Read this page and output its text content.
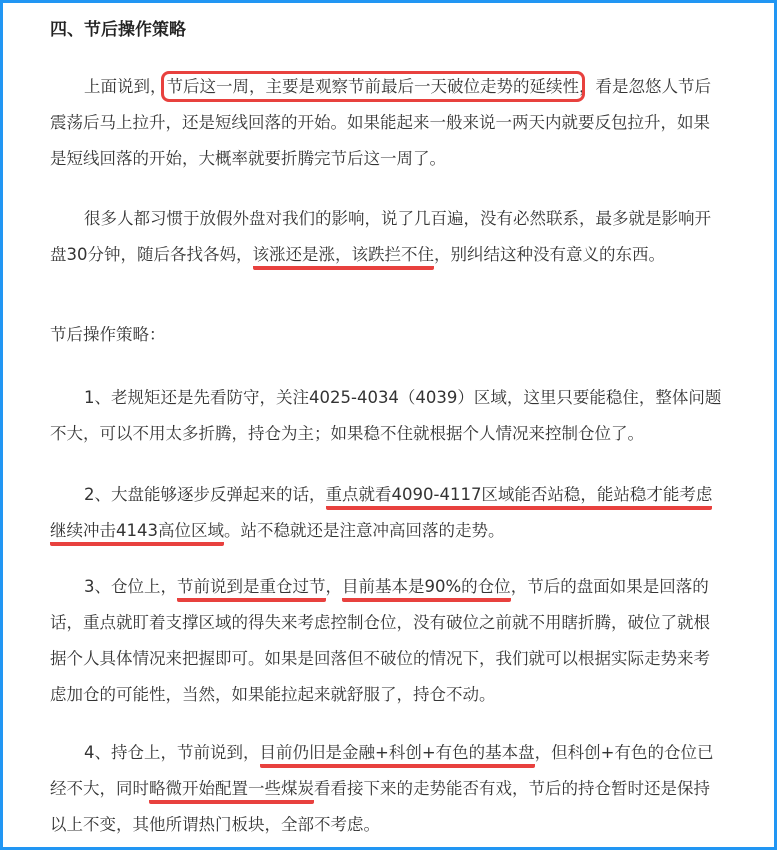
四、节后操作策略
上面说到，节后这一周，主要是观察节前最后一天破位走势的延续性，看是忽悠人节后
震荡后马上拉升，还是短线回落的开始。如果能起来一般来说一两天内就要反包拉升，如果
是短线回落的开始，大概率就要折腾完节后这一周了。
很多人都习惯于放假外盘对我们的影响，说了几百遍，没有必然联系，最多就是影响开
盘30分钟，随后各找各妈，该涨还是涨，该跌拦不住，别纠结这种没有意义的东西。
节后操作策略：
1、老规矩还是先看防守，关注4025-4034（4039）区域，这里只要能稳住，整体问题
不大，可以不用太多折腾，持仓为主；如果稳不住就根据个人情况来控制仓位了。
2、大盘能够逐步反弹起来的话，重点就看4090-4117区域能否站稳，能站稳才能考虑
继续冲击4143高位区域。站不稳就还是注意冲高回落的走势。
3、仓位上，节前说到是重仓过节，目前基本是90%的仓位，节后的盘面如果是回落的
话，重点就盯着支撑区域的得失来考虑控制仓位，没有破位之前就不用瞎折腾，破位了就根
据个人具体情况来把握即可。如果是回落但不破位的情况下，我们就可以根据实际走势来考
虑加仓的可能性，当然，如果能拉起来就舒服了，持仓不动。
4、持仓上，节前说到，目前仍旧是金融+科创+有色的基本盘，但科创+有色的仓位已
经不大，同时略微开始配置一些煤炭看看接下来的走势能否有戏，节后的持仓暂时还是保持
以上不变，其他所谓热门板块，全部不考虑。
